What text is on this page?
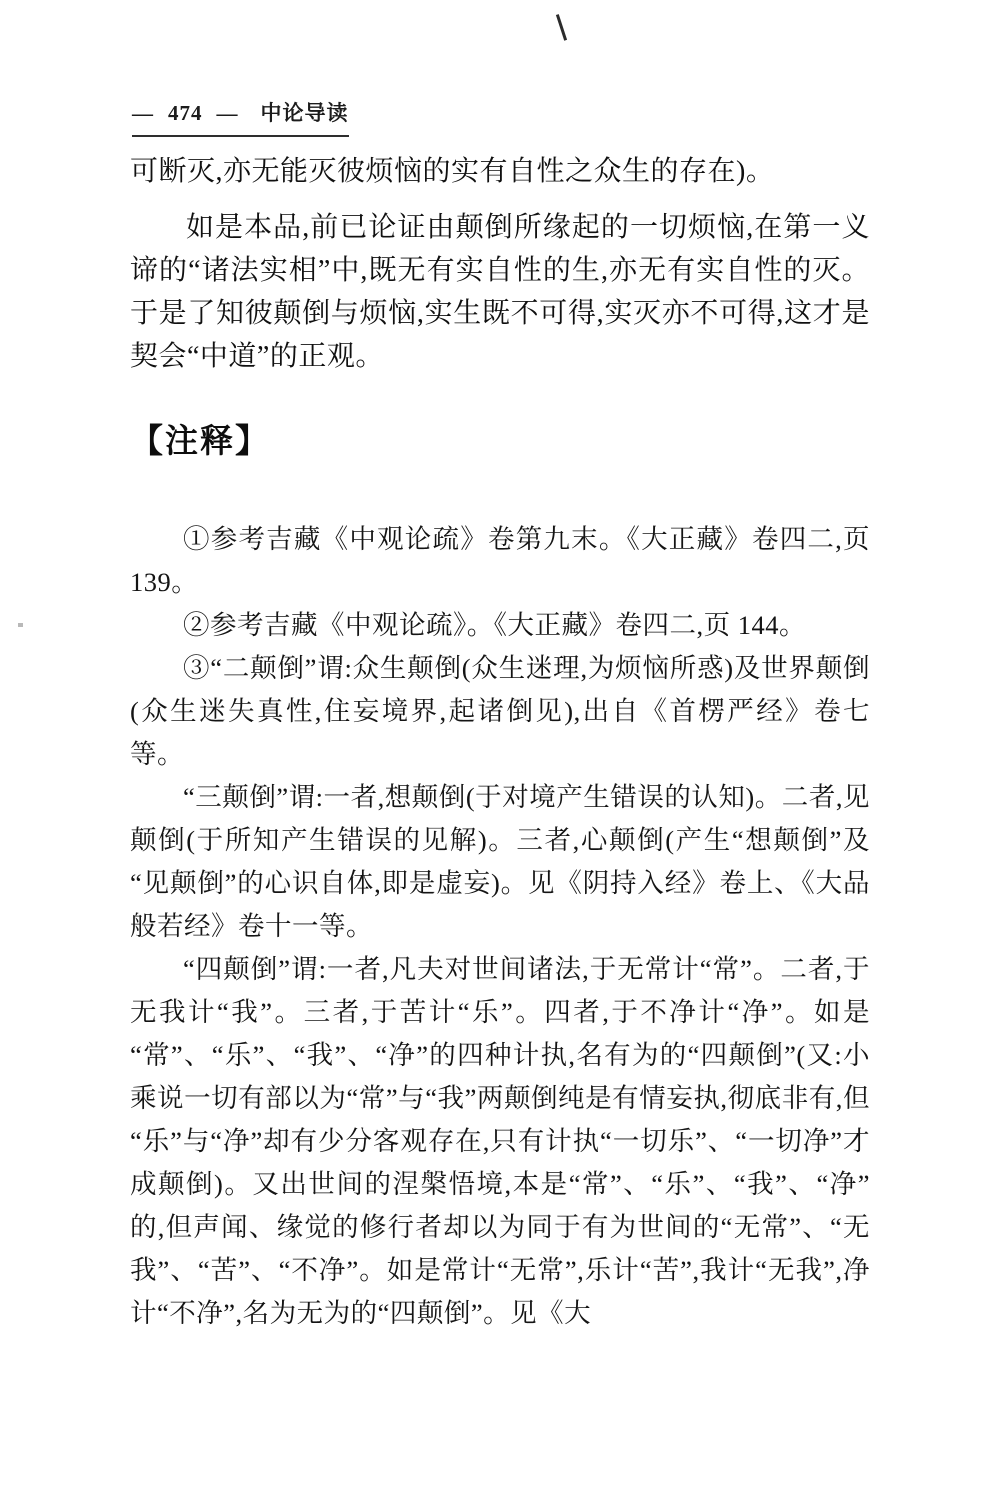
— 474 — 中论导读

可断灭,亦无能灭彼烦恼的实有自性之众生的存在)。

如是本品,前已论证由颠倒所缘起的一切烦恼,在第一义谛的“诸法实相”中,既无有实自性的生,亦无有实自性的灭。于是了知彼颠倒与烦恼,实生既不可得,实灭亦不可得,这才是契会“中道”的正观。

【注释】

①参考吉藏《中观论疏》卷第九末。《大正藏》卷四二,页 139。

②参考吉藏《中观论疏》。《大正藏》卷四二,页 144。

③“二颠倒”谓:众生颠倒(众生迷理,为烦恼所惑)及世界颠倒(众生迷失真性,住妄境界,起诸倒见),出自《首楞严经》卷七等。

“三颠倒”谓:一者,想颠倒(于对境产生错误的认知)。二者,见颠倒(于所知产生错误的见解)。三者,心颠倒(产生“想颠倒”及“见颠倒”的心识自体,即是虚妄)。见《阴持入经》卷上、《大品般若经》卷十一等。

“四颠倒”谓:一者,凡夫对世间诸法,于无常计“常”。二者,于无我计“我”。三者,于苦计“乐”。四者,于不净计“净”。如是“常”、“乐”、“我”、“净”的四种计执,名有为的“四颠倒”(又:小乘说一切有部以为“常”与“我”两颠倒纯是有情妄执,彻底非有,但“乐”与“净”却有少分客观存在,只有计执“一切乐”、“一切净”才成颠倒)。又出世间的涅槃悟境,本是“常”、“乐”、“我”、“净”的,但声闻、缘觉的修行者却以为同于有为世间的“无常”、“无我”、“苦”、“不净”。如是常计“无常”,乐计“苦”,我计“无我”,净计“不净”,名为无为的“四颠倒”。见《大
